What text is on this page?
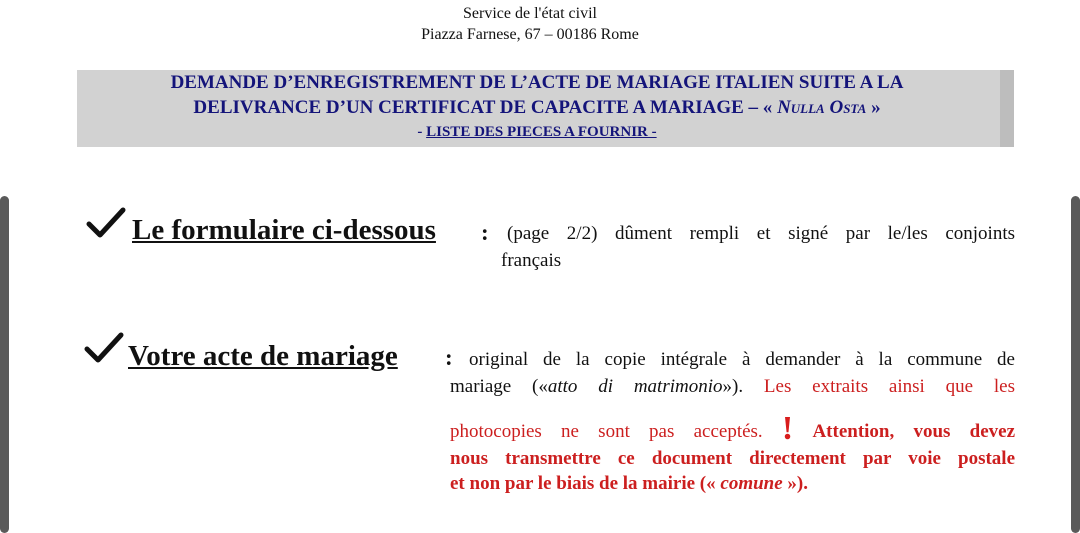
Service de l'état civil
Piazza Farnese, 67 – 00186 Rome
DEMANDE D’ENREGISTREMENT DE L’ACTE DE MARIAGE ITALIEN SUITE A LA
DELIVRANCE D’UN CERTIFICAT DE CAPACITE A MARIAGE – « Nulla Osta »
- LISTE DES PIECES A FOURNIR -
Le formulaire ci-dessous : (page 2/2) dûment rempli et signé par le/les conjoints
français
Votre acte de mariage : original de la copie intégrale à demander à la commune de
mariage («atto di matrimonio»). Les extraits ainsi que les
photocopies ne sont pas acceptés. ! Attention, vous devez
nous transmettre ce document directement par voie postale
et non par le biais de la mairie (« comune »).
